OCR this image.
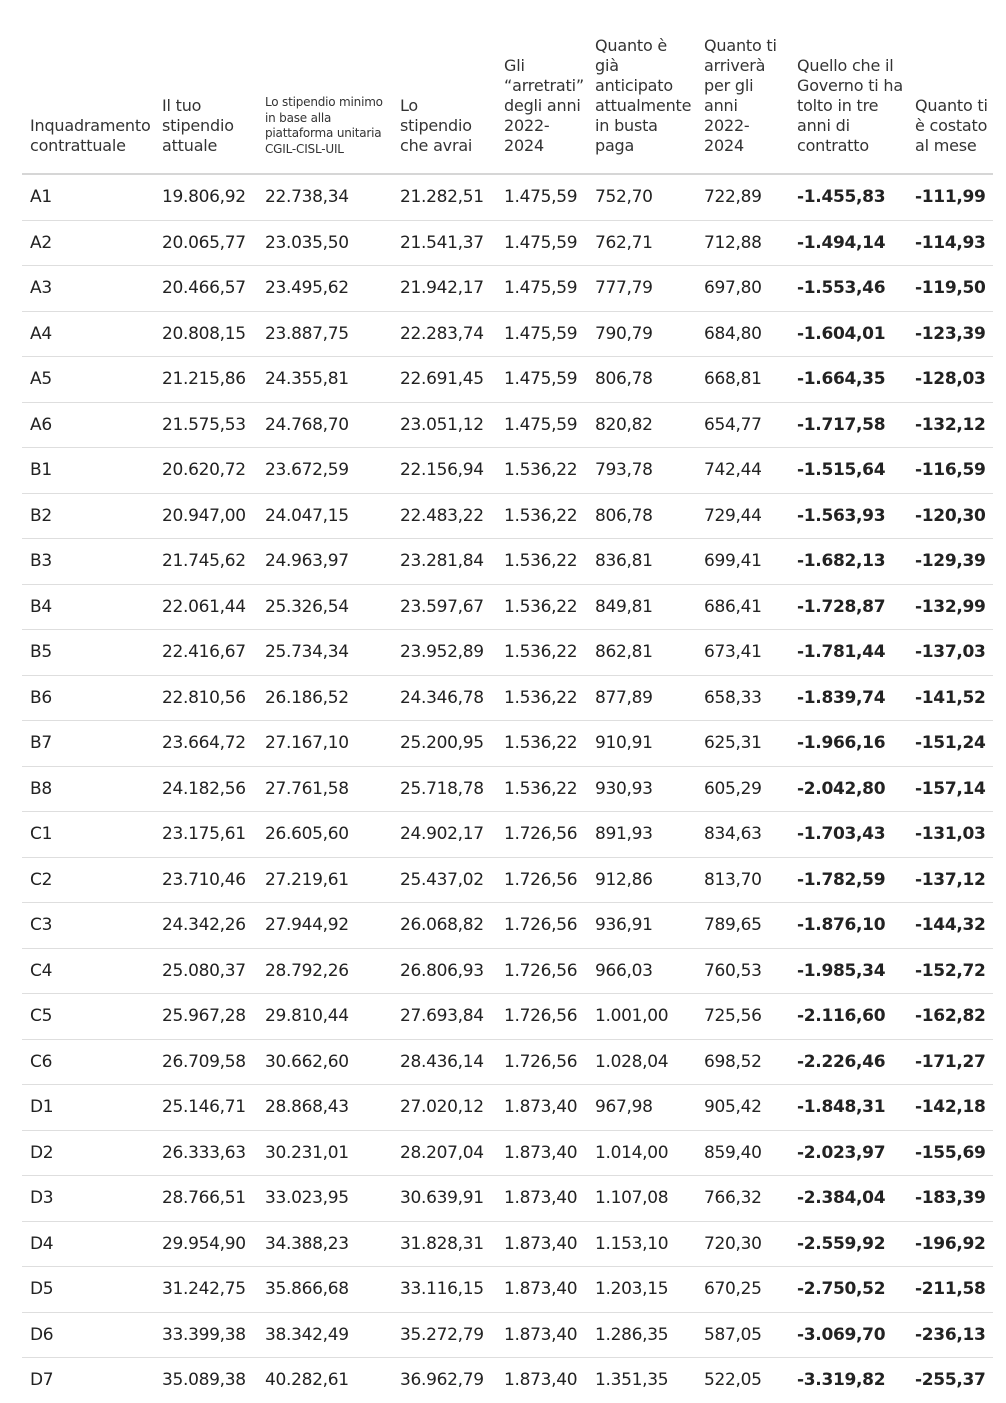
Inquadramento contrattuale	Il tuo stipendio attuale	Lo stipendio minimo in base alla piattaforma unitaria CGIL-CISL-UIL	Lo stipendio che avrai	Gli “arretrati” degli anni 2022-2024	Quanto è già anticipato attualmente in busta paga	Quanto ti arriverà per gli anni 2022-2024	Quello che il Governo ti ha tolto in tre anni di contratto	Quanto ti è costato al mese
A1	19.806,92	22.738,34	21.282,51	1.475,59	752,70	722,89	-1.455,83	-111,99
A2	20.065,77	23.035,50	21.541,37	1.475,59	762,71	712,88	-1.494,14	-114,93
A3	20.466,57	23.495,62	21.942,17	1.475,59	777,79	697,80	-1.553,46	-119,50
A4	20.808,15	23.887,75	22.283,74	1.475,59	790,79	684,80	-1.604,01	-123,39
A5	21.215,86	24.355,81	22.691,45	1.475,59	806,78	668,81	-1.664,35	-128,03
A6	21.575,53	24.768,70	23.051,12	1.475,59	820,82	654,77	-1.717,58	-132,12
B1	20.620,72	23.672,59	22.156,94	1.536,22	793,78	742,44	-1.515,64	-116,59
B2	20.947,00	24.047,15	22.483,22	1.536,22	806,78	729,44	-1.563,93	-120,30
B3	21.745,62	24.963,97	23.281,84	1.536,22	836,81	699,41	-1.682,13	-129,39
B4	22.061,44	25.326,54	23.597,67	1.536,22	849,81	686,41	-1.728,87	-132,99
B5	22.416,67	25.734,34	23.952,89	1.536,22	862,81	673,41	-1.781,44	-137,03
B6	22.810,56	26.186,52	24.346,78	1.536,22	877,89	658,33	-1.839,74	-141,52
B7	23.664,72	27.167,10	25.200,95	1.536,22	910,91	625,31	-1.966,16	-151,24
B8	24.182,56	27.761,58	25.718,78	1.536,22	930,93	605,29	-2.042,80	-157,14
C1	23.175,61	26.605,60	24.902,17	1.726,56	891,93	834,63	-1.703,43	-131,03
C2	23.710,46	27.219,61	25.437,02	1.726,56	912,86	813,70	-1.782,59	-137,12
C3	24.342,26	27.944,92	26.068,82	1.726,56	936,91	789,65	-1.876,10	-144,32
C4	25.080,37	28.792,26	26.806,93	1.726,56	966,03	760,53	-1.985,34	-152,72
C5	25.967,28	29.810,44	27.693,84	1.726,56	1.001,00	725,56	-2.116,60	-162,82
C6	26.709,58	30.662,60	28.436,14	1.726,56	1.028,04	698,52	-2.226,46	-171,27
D1	25.146,71	28.868,43	27.020,12	1.873,40	967,98	905,42	-1.848,31	-142,18
D2	26.333,63	30.231,01	28.207,04	1.873,40	1.014,00	859,40	-2.023,97	-155,69
D3	28.766,51	33.023,95	30.639,91	1.873,40	1.107,08	766,32	-2.384,04	-183,39
D4	29.954,90	34.388,23	31.828,31	1.873,40	1.153,10	720,30	-2.559,92	-196,92
D5	31.242,75	35.866,68	33.116,15	1.873,40	1.203,15	670,25	-2.750,52	-211,58
D6	33.399,38	38.342,49	35.272,79	1.873,40	1.286,35	587,05	-3.069,70	-236,13
D7	35.089,38	40.282,61	36.962,79	1.873,40	1.351,35	522,05	-3.319,82	-255,37
